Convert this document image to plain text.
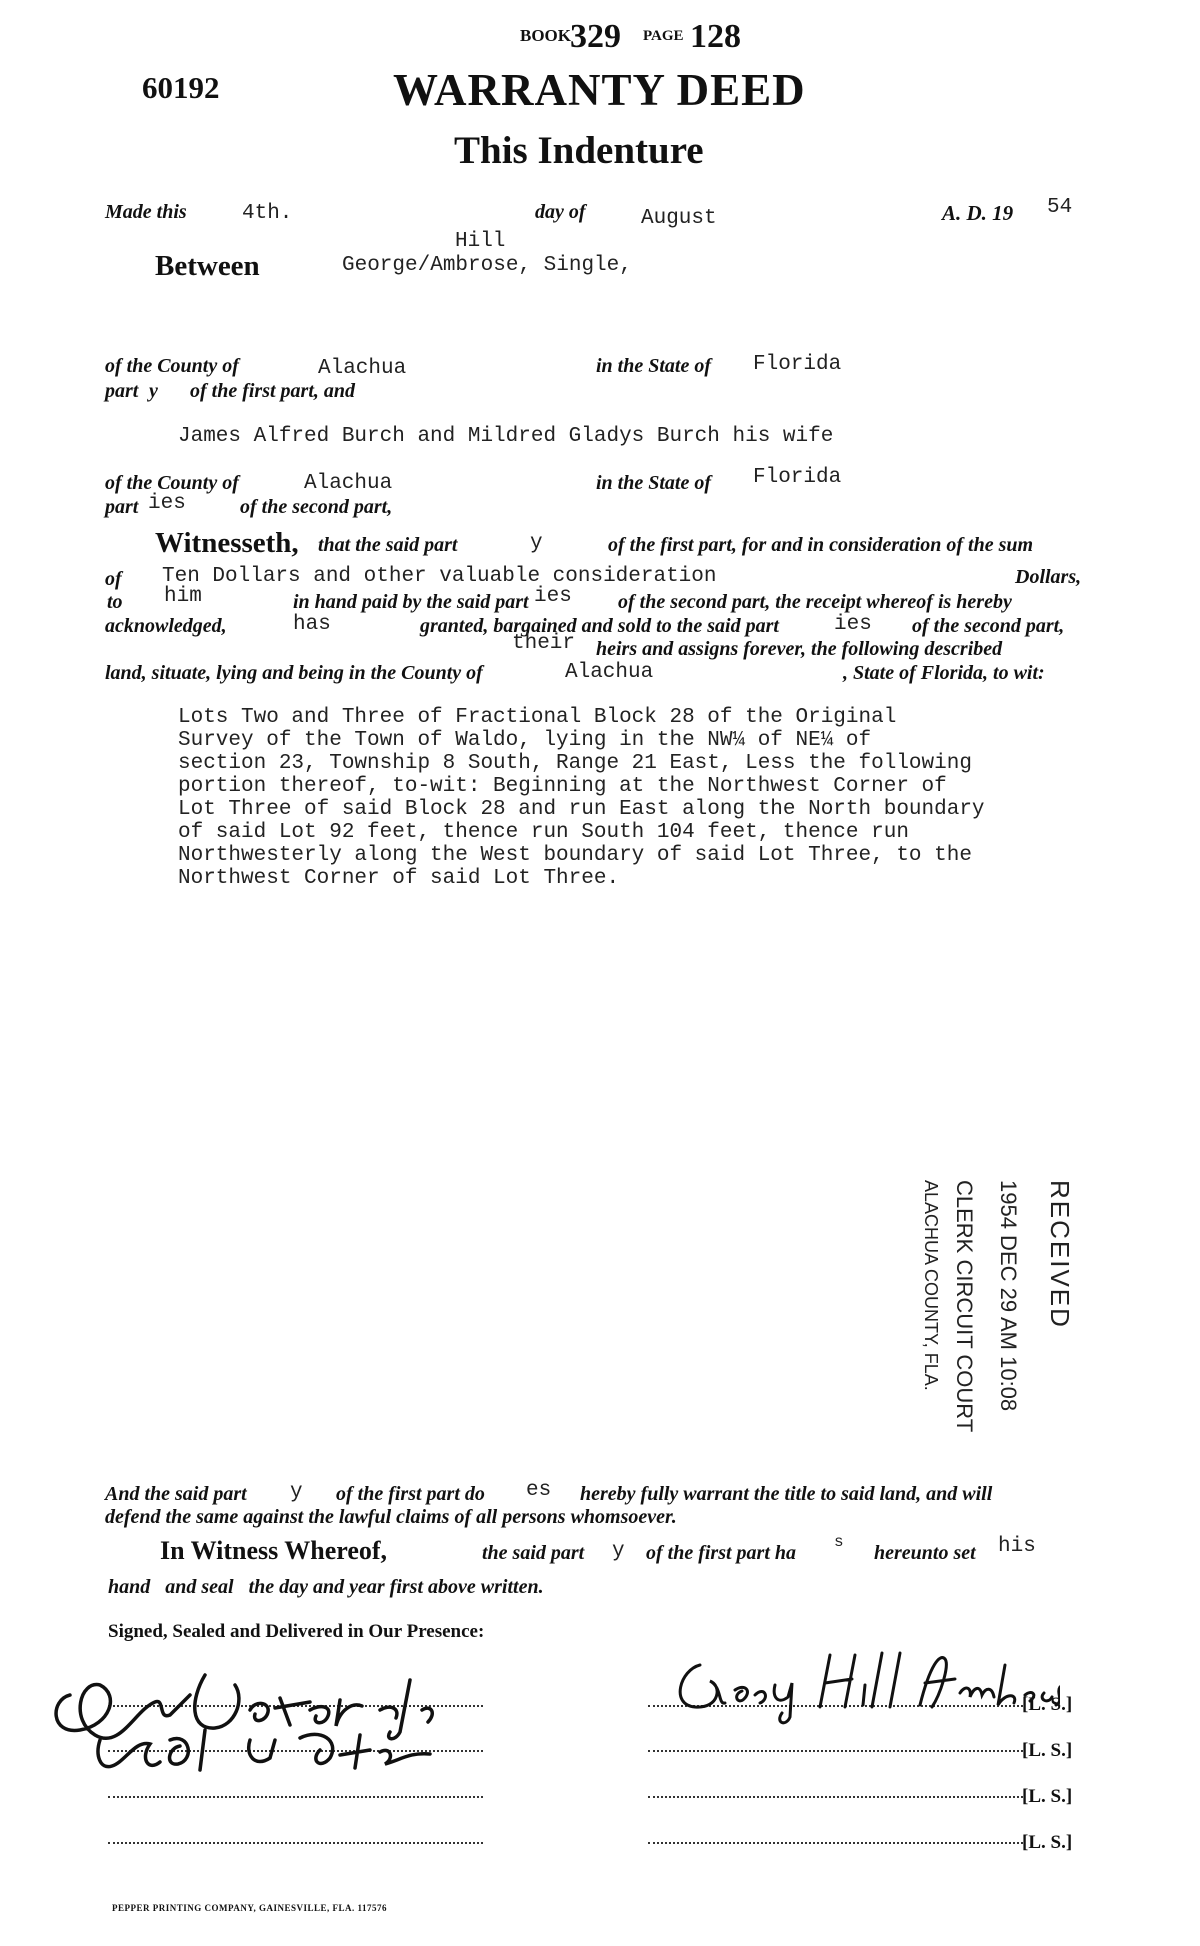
BOOK
329 PAGE 128
60192	WARRANTY DEED
This Indenture
Made this	4th.	day of	August	A. D. 19 54
Hill
Between	George/Ambrose, Single,
of the County of	Alachua	in the State of Florida
part y of the first part, and
James Alfred Burch and Mildred Gladys Burch his wife
of the County of	Alachua	in the State of Florida
part ies	of the second part,
Witnesseth, that the said part	y	of the first part, for and in consideration of the sum
of Ten Dollars and other valuable consideration	Dollars,
to him	in hand paid by the said part ies of the second part, the receipt whereof is hereby
acknowledged,	has	granted, bargained and sold to the said part	ies of the second part,
their heirs and assigns forever, the following described
land, situate, lying and being in the County of	Alachua	, State of Florida, to wit:
Lots Two and Three of Fractional Block 28 of the Original
Survey of the Town of Waldo, lying in the NW¼ of NE¼ of
section 23, Township 8 South, Range 21 East, Less the following
portion thereof, to-wit: Beginning at the Northwest Corner of
Lot Three of said Block 28 and run East along the North boundary
of said Lot 92 feet, thence run South 104 feet, thence run
Northwesterly along the West boundary of said Lot Three, to the
Northwest Corner of said Lot Three.
RECEIVED
1954 DEC 29 AM 10:08
CLERK CIRCUIT COURT
ALACHUA COUNTY, FLA.
And the said part y of the first part do es hereby fully warrant the title to said land, and will
defend the same against the lawful claims of all persons whomsoever.
In Witness Whereof,	the said part y of the first part ha s hereunto set his
hand   and seal   the day and year first above written.
Signed, Sealed and Delivered in Our Presence:
[L. S.]
[L. S.]
[L. S.]
[L. S.]
PEPPER PRINTING COMPANY, GAINESVILLE, FLA. 117576
